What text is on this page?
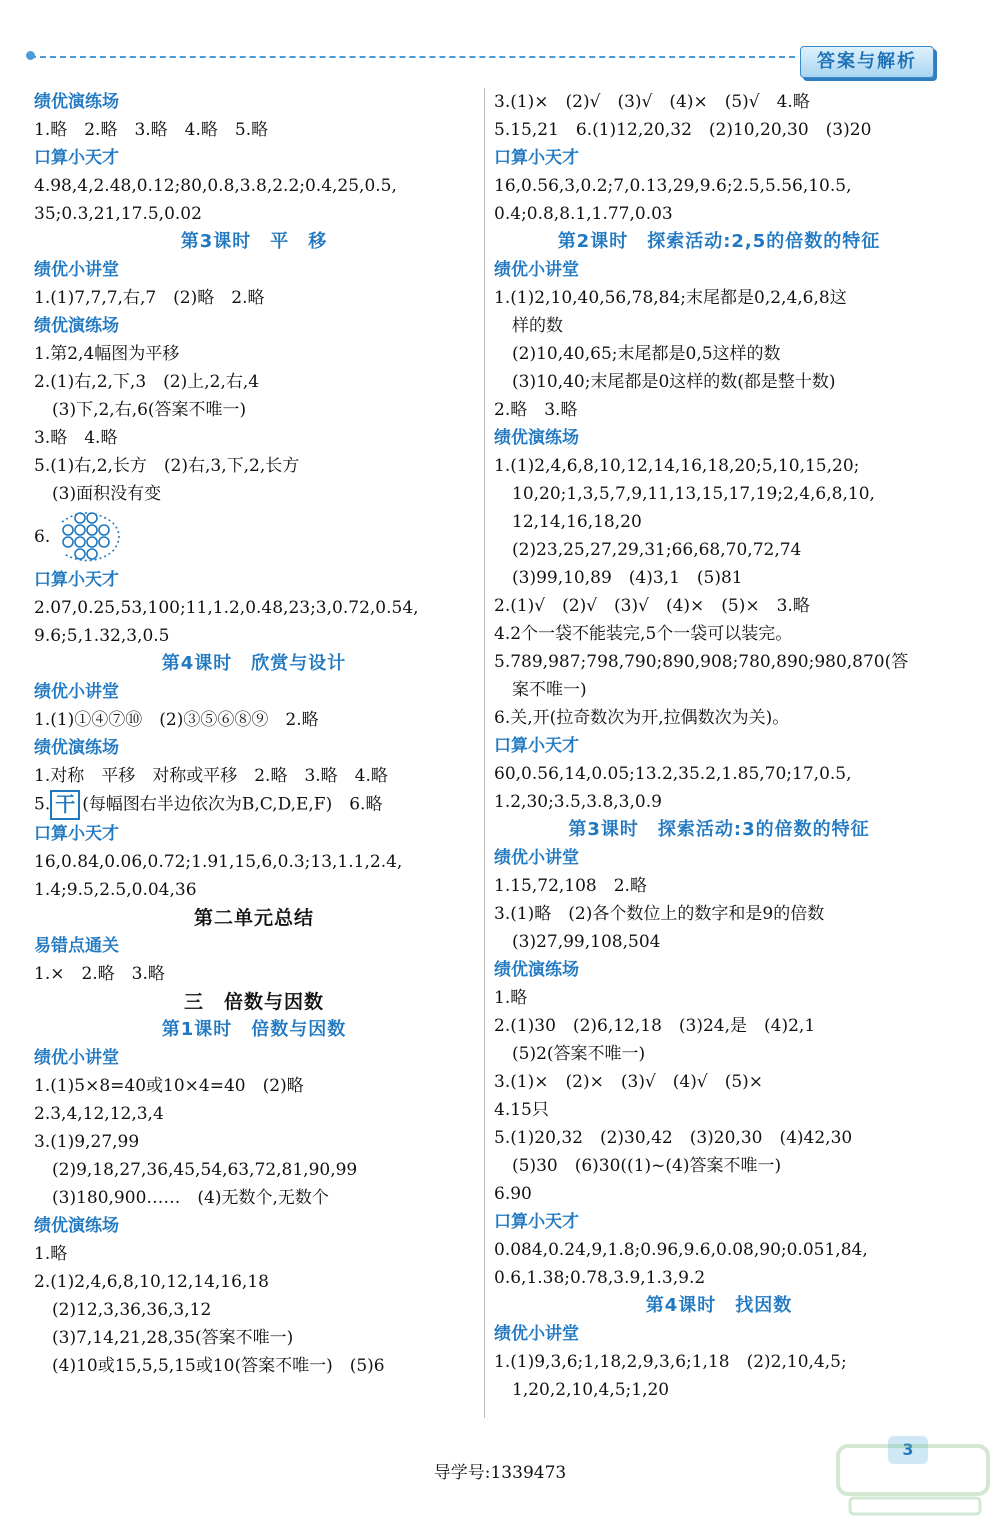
答案与解析
绩优演练场
1.略　2.略　3.略　4.略　5.略
口算小天才
4.98,4,2.48,0.12;80,0.8,3.8,2.2;0.4,25,0.5,
35;0.3,21,17.5,0.02
第3课时　平　移
绩优小讲堂
1.(1)7,7,7,右,7　(2)略　2.略
绩优演练场
1.第2,4幅图为平移
2.(1)右,2,下,3　(2)上,2,右,4
(3)下,2,右,6(答案不唯一)
3.略　4.略
5.(1)右,2,长方　(2)右,3,下,2,长方
(3)面积没有变
6.
口算小天才
2.07,0.25,53,100;11,1.2,0.48,23;3,0.72,0.54,
9.6;5,1.32,3,0.5
第4课时　欣赏与设计
绩优小讲堂
1.(1)①④⑦⑩　(2)③⑤⑥⑧⑨　2.略
绩优演练场
1.对称　平移　对称或平移　2.略　3.略　4.略
5. 干 (每幅图右半边依次为B,C,D,E,F)　6.略
口算小天才
16,0.84,0.06,0.72;1.91,15,6,0.3;13,1.1,2.4,
1.4;9.5,2.5,0.04,36
第二单元总结
易错点通关
1.×　2.略　3.略
三　倍数与因数
第1课时　倍数与因数
绩优小讲堂
1.(1)5×8=40或10×4=40　(2)略
2.3,4,12,12,3,4
3.(1)9,27,99
(2)9,18,27,36,45,54,63,72,81,90,99
(3)180,900……　(4)无数个,无数个
绩优演练场
1.略
2.(1)2,4,6,8,10,12,14,16,18
(2)12,3,36,36,3,12
(3)7,14,21,28,35(答案不唯一)
(4)10或15,5,5,15或10(答案不唯一)　(5)6
3.(1)×　(2)√　(3)√　(4)×　(5)√　4.略
5.15,21　6.(1)12,20,32　(2)10,20,30　(3)20
口算小天才
16,0.56,3,0.2;7,0.13,29,9.6;2.5,5.56,10.5,
0.4;0.8,8.1,1.77,0.03
第2课时　探索活动:2,5的倍数的特征
绩优小讲堂
1.(1)2,10,40,56,78,84;末尾都是0,2,4,6,8这
样的数
(2)10,40,65;末尾都是0,5这样的数
(3)10,40;末尾都是0这样的数(都是整十数)
2.略　3.略
绩优演练场
1.(1)2,4,6,8,10,12,14,16,18,20;5,10,15,20;
10,20;1,3,5,7,9,11,13,15,17,19;2,4,6,8,10,
12,14,16,18,20
(2)23,25,27,29,31;66,68,70,72,74
(3)99,10,89　(4)3,1　(5)81
2.(1)√　(2)√　(3)√　(4)×　(5)×　3.略
4.2个一袋不能装完,5个一袋可以装完。
5.789,987;798,790;890,908;780,890;980,870(答
案不唯一)
6.关,开(拉奇数次为开,拉偶数次为关)。
口算小天才
60,0.56,14,0.05;13.2,35.2,1.85,70;17,0.5,
1.2,30;3.5,3.8,3,0.9
第3课时　探索活动:3的倍数的特征
绩优小讲堂
1.15,72,108　2.略
3.(1)略　(2)各个数位上的数字和是9的倍数
(3)27,99,108,504
绩优演练场
1.略
2.(1)30　(2)6,12,18　(3)24,是　(4)2,1
(5)2(答案不唯一)
3.(1)×　(2)×　(3)√　(4)√　(5)×
4.15只
5.(1)20,32　(2)30,42　(3)20,30　(4)42,30
(5)30　(6)30((1)~(4)答案不唯一)
6.90
口算小天才
0.084,0.24,9,1.8;0.96,9.6,0.08,90;0.051,84,
0.6,1.38;0.78,3.9,1.3,9.2
第4课时　找因数
绩优小讲堂
1.(1)9,3,6;1,18,2,9,3,6;1,18　(2)2,10,4,5;
1,20,2,10,4,5;1,20
3
导学号:1339473
